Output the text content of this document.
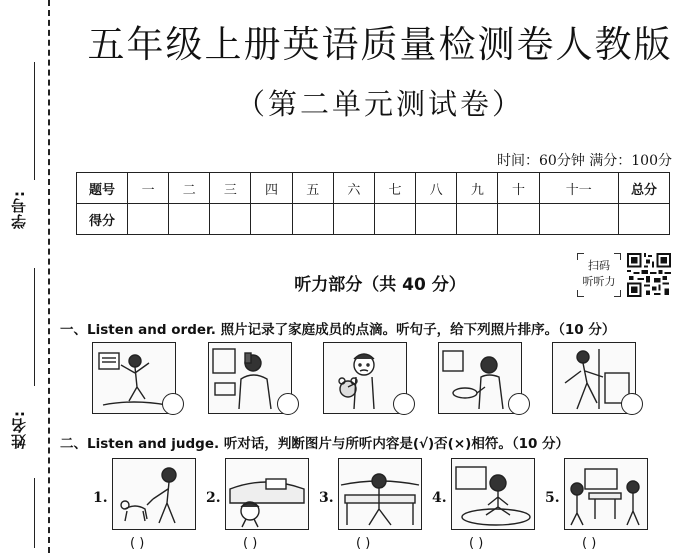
学号:
姓名:
五年级上册英语质量检测卷人教版
（第二单元测试卷）
时间：60分钟 满分：100分
题号	一	二	三	四	五	六	七	八	九	十	十一	总分
得分												
听力部分（共 40 分）
扫码
听听力
一、Listen and order. 照片记录了家庭成员的点滴。听句子，给下列照片排序。（10 分）
二、Listen and judge. 听对话，判断图片与所听内容是(√)否(×)相符。（10 分）
1.
( )
2.
( )
3.
( )
4.
( )
5.
( )
